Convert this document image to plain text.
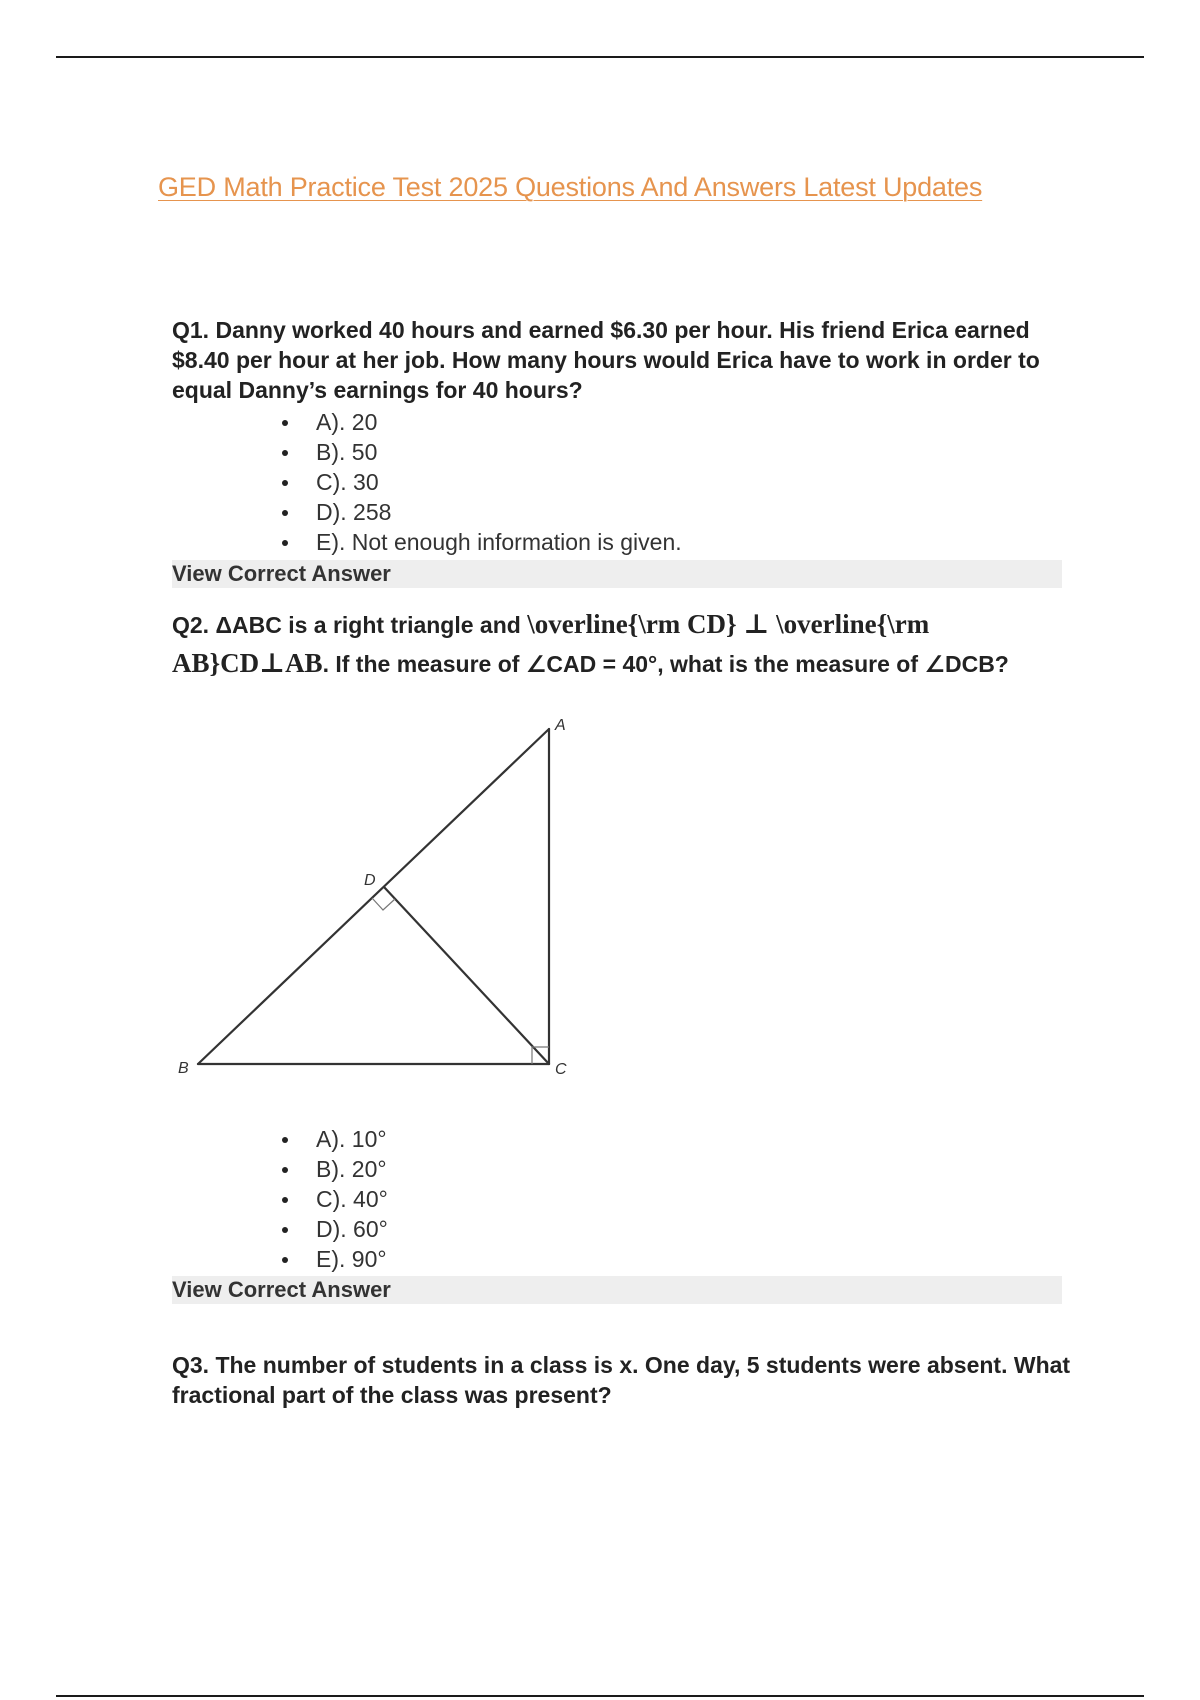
GED Math Practice Test 2025 Questions And Answers Latest Updates

Q1. Danny worked 40 hours and earned $6.30 per hour. His friend Erica earned $8.40 per hour at her job. How many hours would Erica have to work in order to equal Danny’s earnings for 40 hours?

A). 20
B). 50
C). 30
D). 258
E). Not enough information is given.
View Correct Answer

Q2. ΔABC is a right triangle and \overline{\rm CD} ⊥ \overline{\rm AB}CD⊥AB. If the measure of ∠CAD = 40°, what is the measure of ∠DCB?

A
B	C
D
A). 10°
B). 20°
C). 40°
D). 60°
E). 90°
View Correct Answer

Q3. The number of students in a class is x. One day, 5 students were absent. What fractional part of the class was present?
